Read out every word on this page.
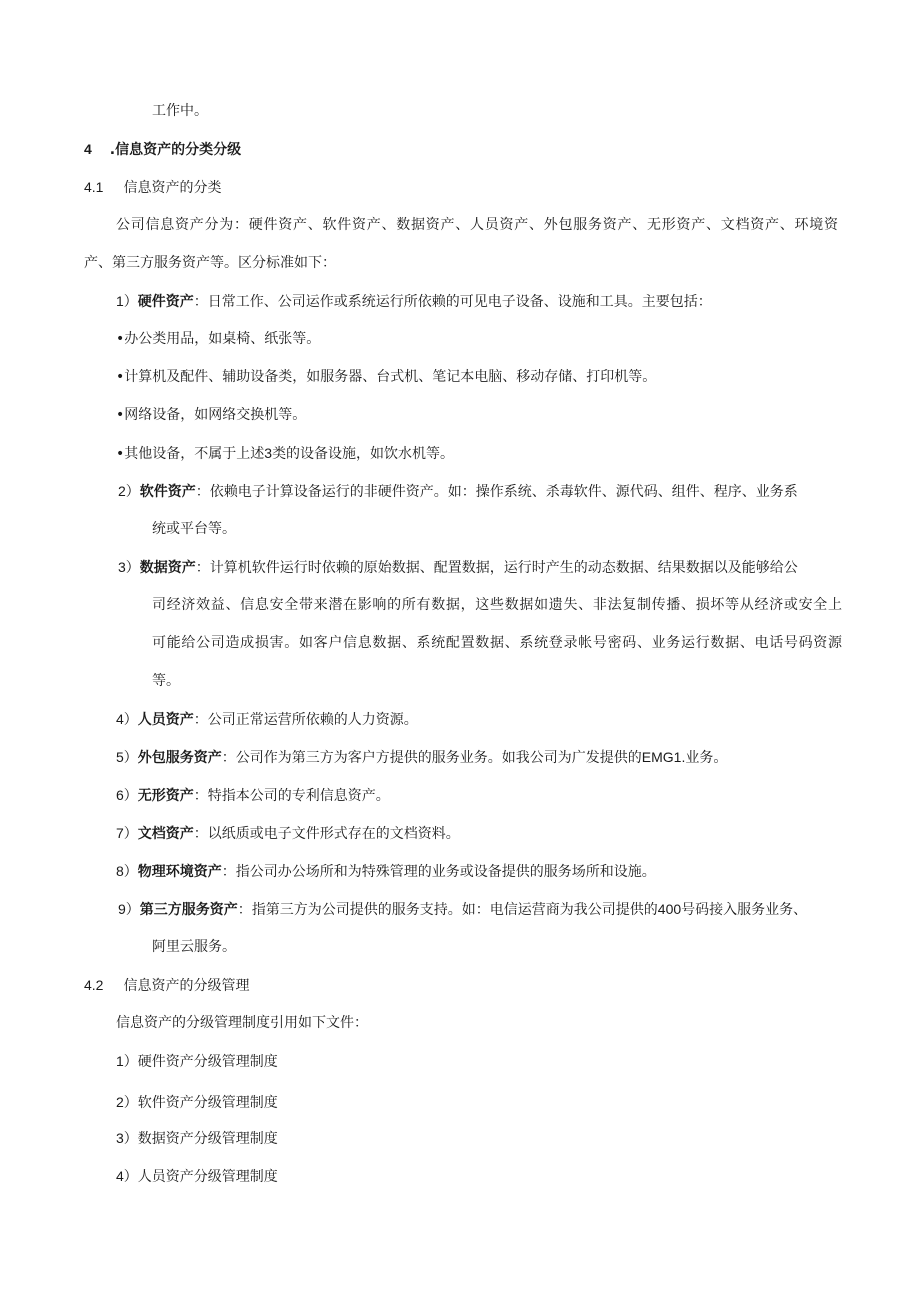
工作中。
4 .信息资产的分类分级
4.1 信息资产的分类
公司信息资产分为：硬件资产、软件资产、数据资产、人员资产、外包服务资产、无形资产、文档资产、环境资
产、第三方服务资产等。区分标准如下：
1）硬件资产：日常工作、公司运作或系统运行所依赖的可见电子设备、设施和工具。主要包括：
•办公类用品，如桌椅、纸张等。
•计算机及配件、辅助设备类，如服务器、台式机、笔记本电脑、移动存储、打印机等。
•网络设备，如网络交换机等。
•其他设备，不属于上述3类的设备设施，如饮水机等。
2）软件资产：依赖电子计算设备运行的非硬件资产。如：操作系统、杀毒软件、源代码、组件、程序、业务系
统或平台等。
3）数据资产：计算机软件运行时依赖的原始数据、配置数据，运行时产生的动态数据、结果数据以及能够给公
司经济效益、信息安全带来潜在影响的所有数据，这些数据如遗失、非法复制传播、损坏等从经济或安全上
可能给公司造成损害。如客户信息数据、系统配置数据、系统登录帐号密码、业务运行数据、电话号码资源
等。
4）人员资产：公司正常运营所依赖的人力资源。
5）外包服务资产：公司作为第三方为客户方提供的服务业务。如我公司为广发提供的EMG1.业务。
6）无形资产：特指本公司的专利信息资产。
7）文档资产：以纸质或电子文件形式存在的文档资料。
8）物理环境资产：指公司办公场所和为特殊管理的业务或设备提供的服务场所和设施。
9）第三方服务资产：指第三方为公司提供的服务支持。如：电信运营商为我公司提供的400号码接入服务业务、
阿里云服务。
4.2 信息资产的分级管理
信息资产的分级管理制度引用如下文件：
1）硬件资产分级管理制度
2）软件资产分级管理制度
3）数据资产分级管理制度
4）人员资产分级管理制度
